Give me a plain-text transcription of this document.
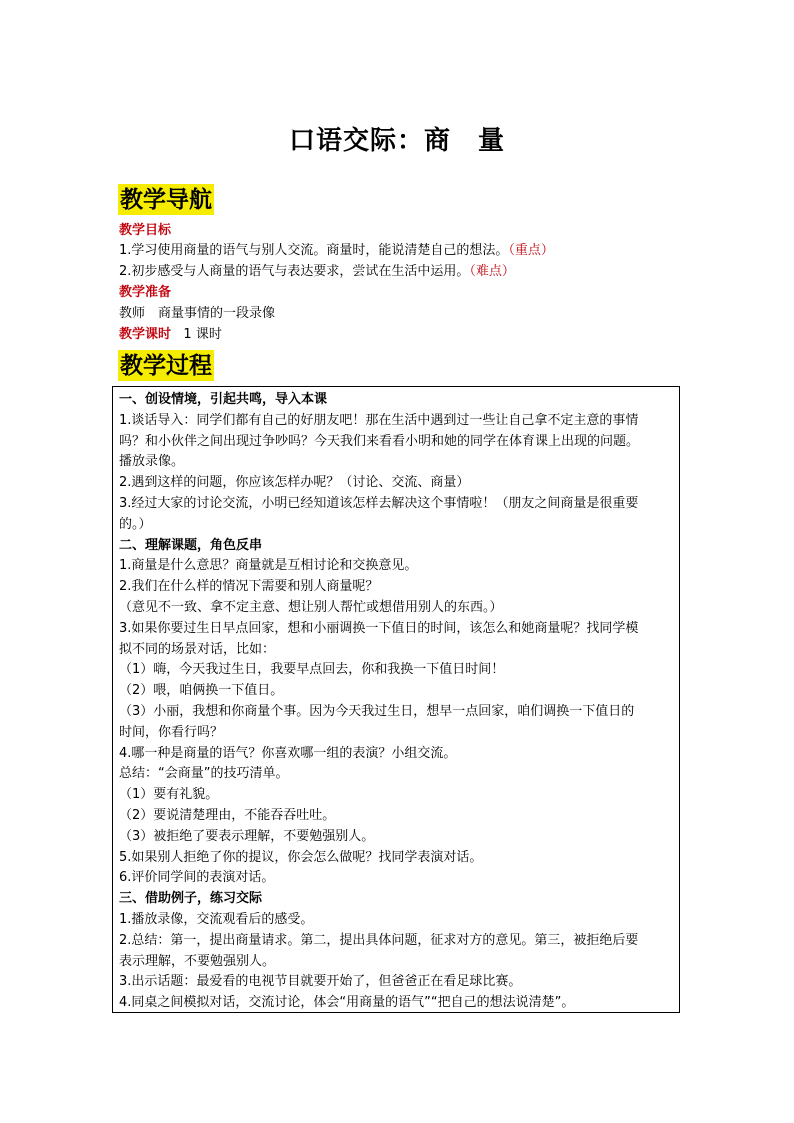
口语交际：商　量
教学导航
教学目标
1.学习使用商量的语气与别人交流。商量时，能说清楚自己的想法。（重点）
2.初步感受与人商量的语气与表达要求，尝试在生活中运用。（难点）
教学准备
教师　商量事情的一段录像
教学课时 1 课时
教学过程
一、创设情境，引起共鸣，导入本课
1.谈话导入：同学们都有自己的好朋友吧！那在生活中遇到过一些让自己拿不定主意的事情
吗？和小伙伴之间出现过争吵吗？今天我们来看看小明和她的同学在体育课上出现的问题。
播放录像。
2.遇到这样的问题，你应该怎样办呢？（讨论、交流、商量）
3.经过大家的讨论交流，小明已经知道该怎样去解决这个事情啦！（朋友之间商量是很重要
的。）
二、理解课题，角色反串
1.商量是什么意思？商量就是互相讨论和交换意见。
2.我们在什么样的情况下需要和别人商量呢？
（意见不一致、拿不定主意、想让别人帮忙或想借用别人的东西。）
3.如果你要过生日早点回家，想和小丽调换一下值日的时间，该怎么和她商量呢？找同学模
拟不同的场景对话，比如：
（1）嗨，今天我过生日，我要早点回去，你和我换一下值日时间！
（2）喂，咱俩换一下值日。
（3）小丽，我想和你商量个事。因为今天我过生日，想早一点回家，咱们调换一下值日的
时间，你看行吗？
4.哪一种是商量的语气？你喜欢哪一组的表演？小组交流。
总结：“会商量”的技巧清单。
（1）要有礼貌。
（2）要说清楚理由，不能吞吞吐吐。
（3）被拒绝了要表示理解，不要勉强别人。
5.如果别人拒绝了你的提议，你会怎么做呢？找同学表演对话。
6.评价同学间的表演对话。
三、借助例子，练习交际
1.播放录像，交流观看后的感受。
2.总结：第一，提出商量请求。第二，提出具体问题，征求对方的意见。第三，被拒绝后要
表示理解，不要勉强别人。
3.出示话题：最爱看的电视节目就要开始了，但爸爸正在看足球比赛。
4.同桌之间模拟对话，交流讨论，体会“用商量的语气”“把自己的想法说清楚”。
